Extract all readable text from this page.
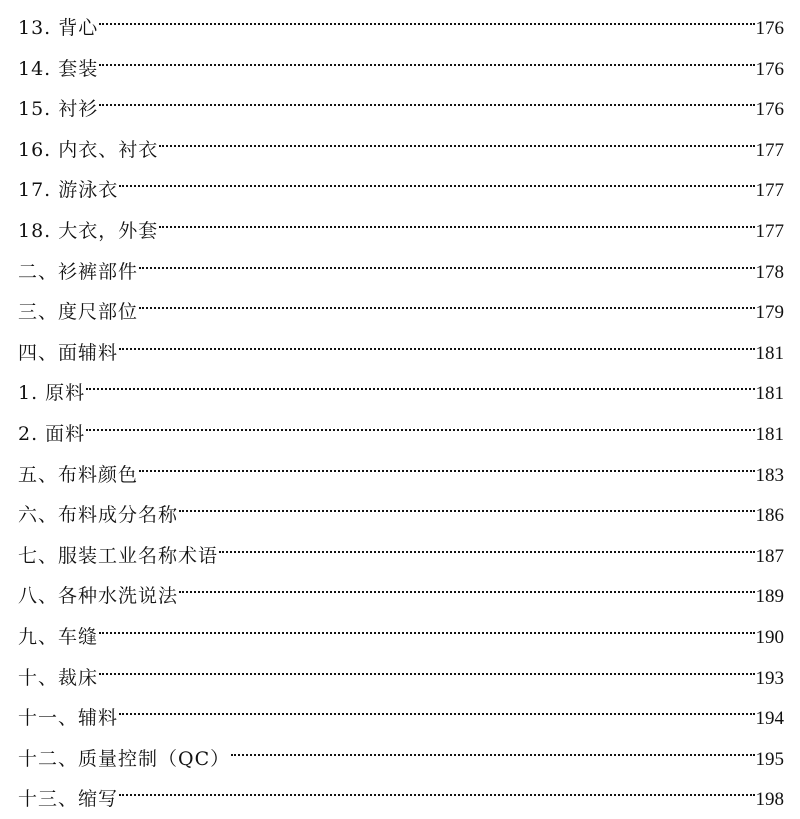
13. 背心	176
14. 套装	176
15. 衬衫	176
16. 内衣、衬衣	177
17. 游泳衣	177
18. 大衣，外套	177
二、衫裤部件	178
三、度尺部位	179
四、面辅料	181
1. 原料	181
2. 面料	181
五、布料颜色	183
六、布料成分名称	186
七、服装工业名称术语	187
八、各种水洗说法	189
九、车缝	190
十、裁床	193
十一、辅料	194
十二、质量控制（QC）	195
十三、缩写	198
